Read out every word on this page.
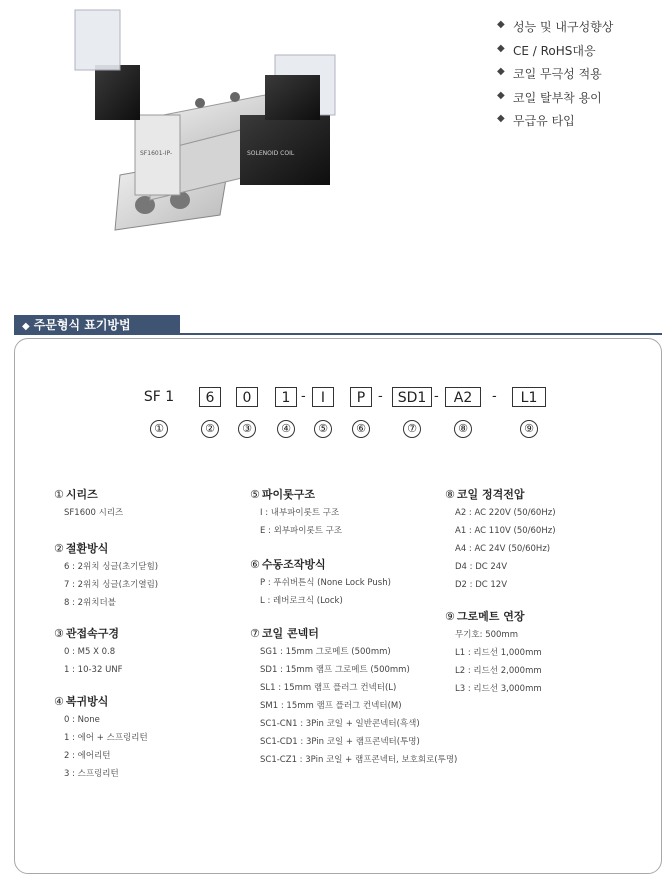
SF1601-IP-	SOLENOID COIL
◆ 성능 및 내구성향상
◆ CE / RoHS대응
◆ 코일 무극성 적용
◆ 코일 탈부착 용이
◆ 무급유 타입
◆ 주문형식 표기방법
SF 1	6	0	1 -	I	P -	SD1 -	A2	-	L1
①	②	③	④	⑤	⑥	⑦	⑧	⑨
① 시리즈
SF1600 시리즈
② 절환방식
6 : 2위치 싱글(초기닫힘)
7 : 2위치 싱글(초기열림)
8 : 2위치더블
③ 관접속구경
0 : M5 X 0.8
1 : 10-32 UNF
④ 복귀방식
0 : None
1 : 에어 + 스프링리턴
2 : 에어리턴
3 : 스프링리턴
⑤ 파이롯구조
I : 내부파이롯트 구조
E : 외부파이롯트 구조
⑥ 수동조작방식
P : 푸쉬버튼식 (None Lock Push)
L : 레버로크식 (Lock)
⑦ 코일 콘넥터
SG1 : 15mm 그로메트 (500mm)
SD1 : 15mm 램프 그로메트 (500mm)
SL1 : 15mm 램프 플러그 컨넥터(L)
SM1 : 15mm 램프 플러그 컨넥터(M)
SC1-CN1 : 3Pin 코일 + 일반콘넥터(흑색)
SC1-CD1 : 3Pin 코일 + 램프콘넥터(투명)
SC1-CZ1 : 3Pin 코일 + 램프콘넥터, 보호회로(투명)
⑧ 코일 정격전압
A2 : AC 220V (50/60Hz)
A1 : AC 110V (50/60Hz)
A4 : AC 24V (50/60Hz)
D4 : DC 24V
D2 : DC 12V
⑨ 그로메트 연장
무기호: 500mm
L1 : 리드선 1,000mm
L2 : 리드선 2,000mm
L3 : 리드선 3,000mm
